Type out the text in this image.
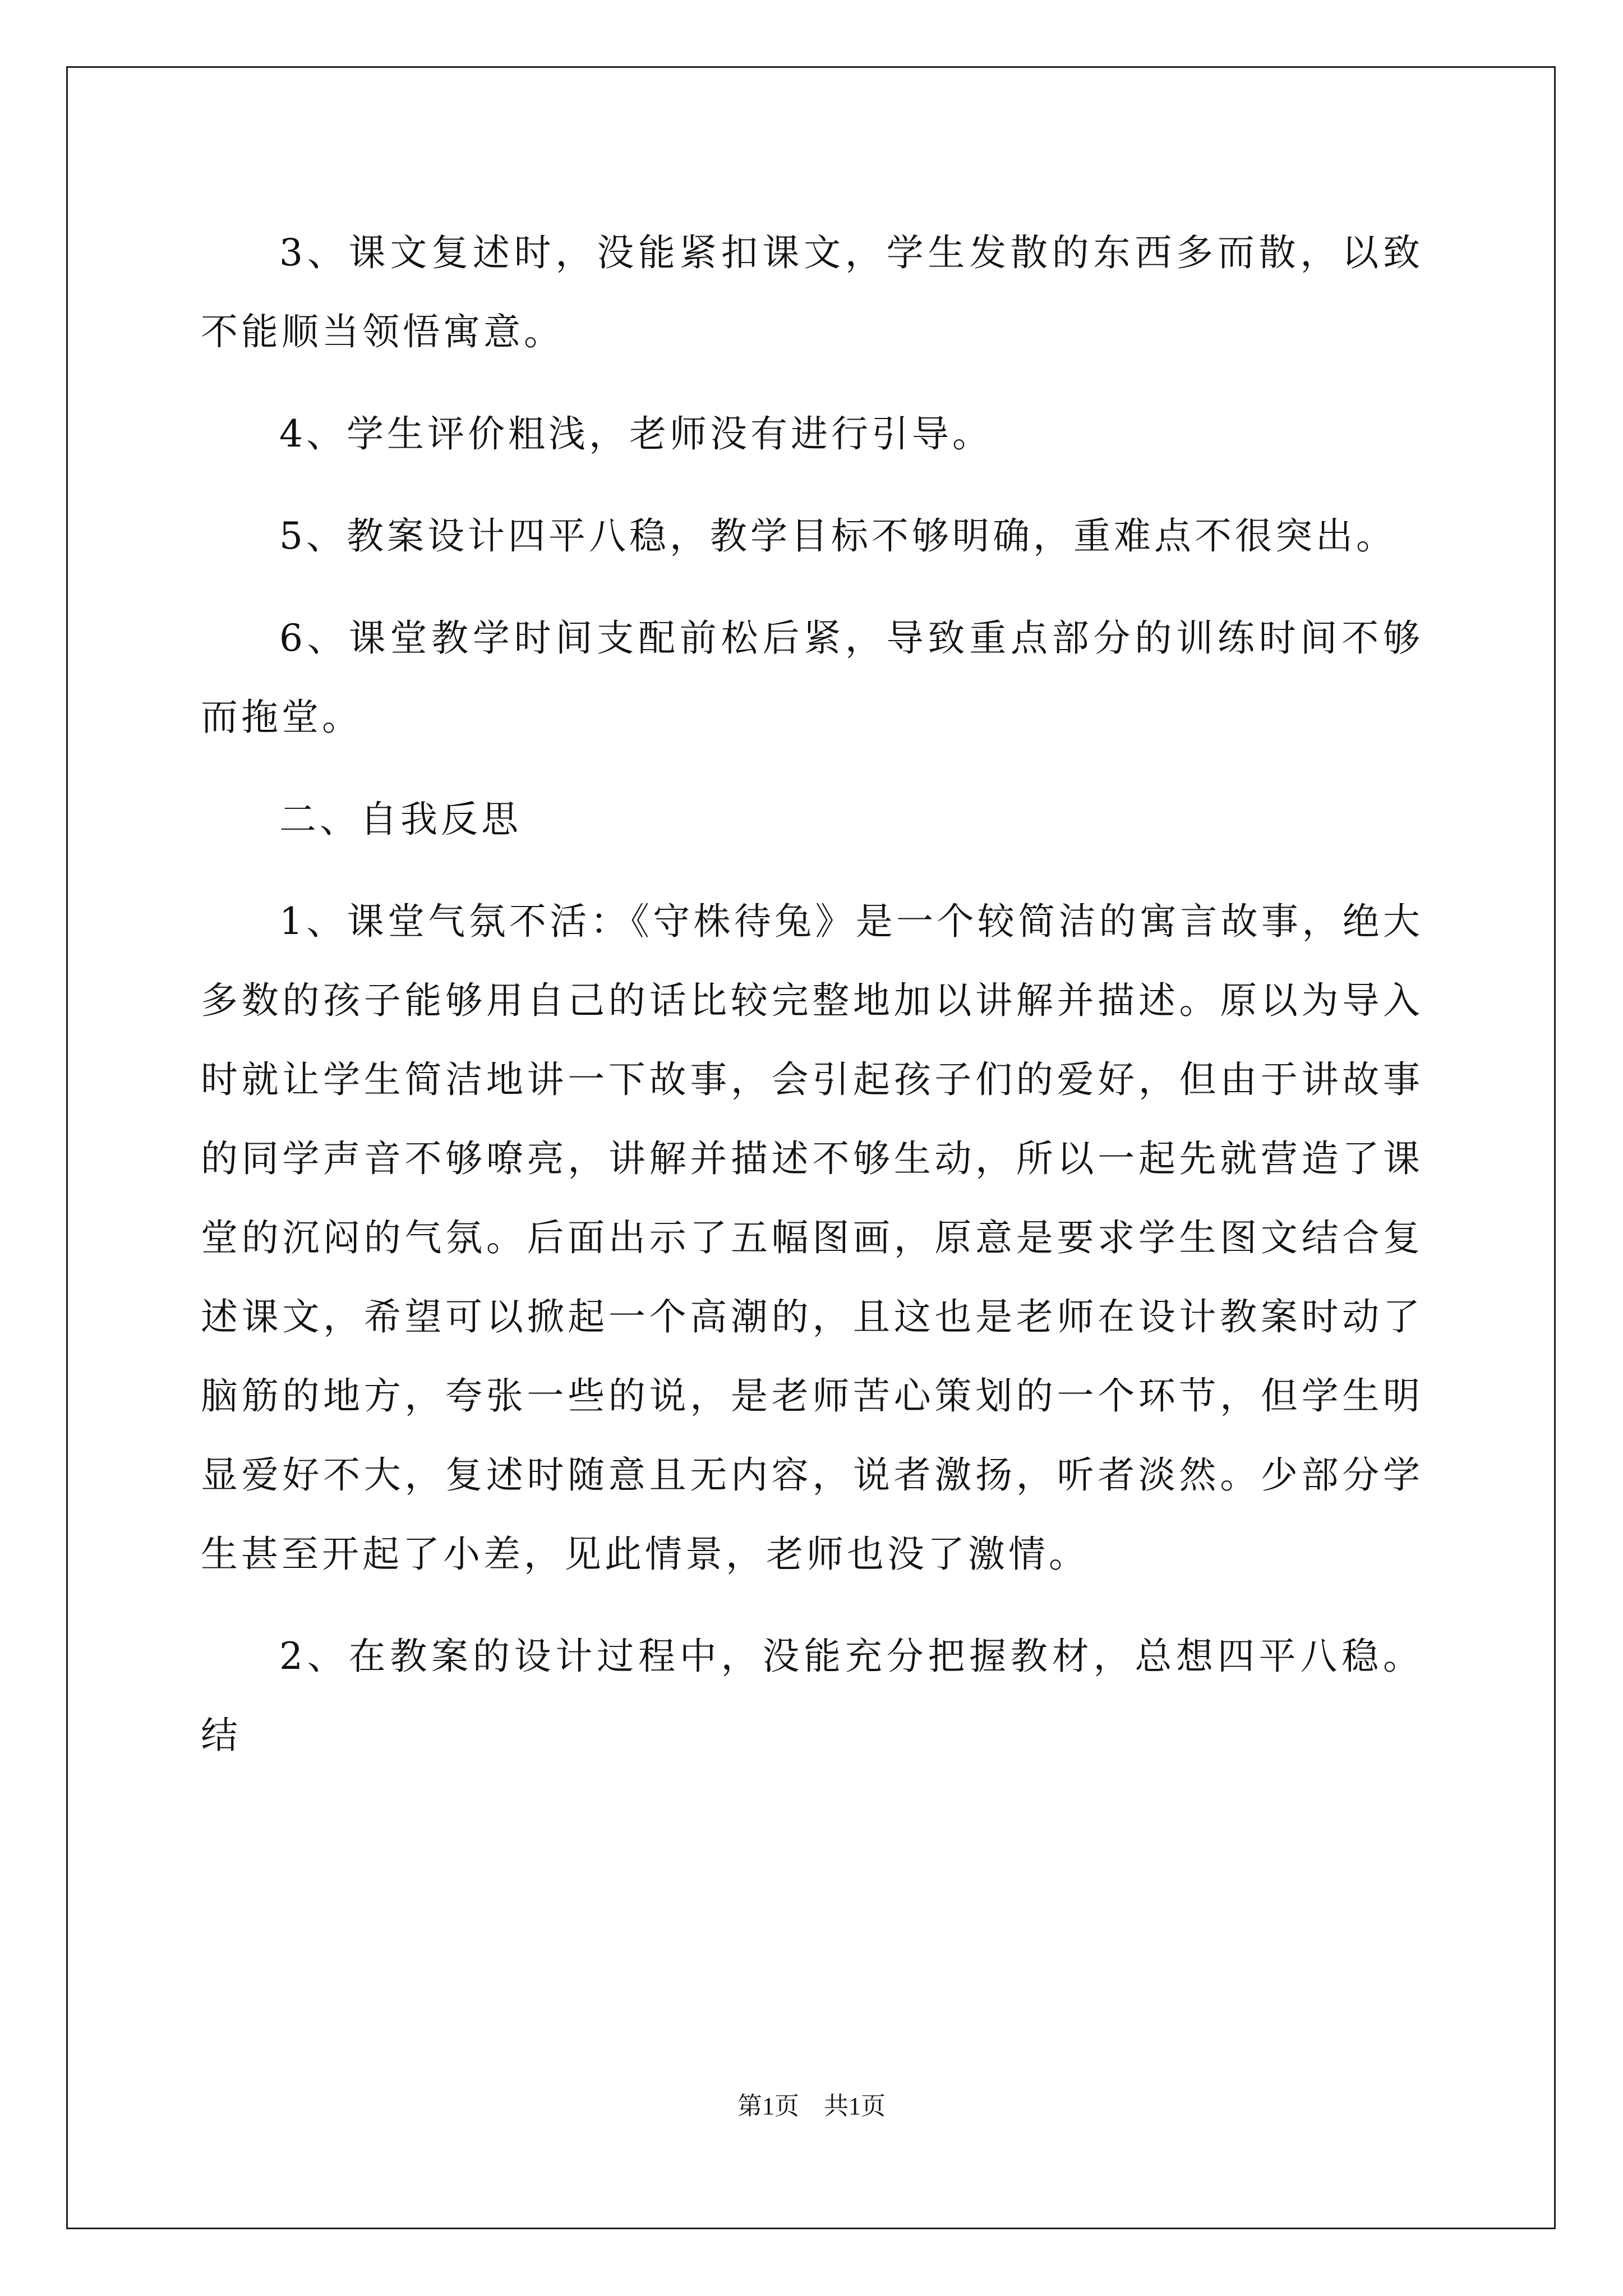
3、课文复述时，没能紧扣课文，学生发散的东西多而散，以致不能顺当领悟寓意。

4、学生评价粗浅，老师没有进行引导。

5、教案设计四平八稳，教学目标不够明确，重难点不很突出。

6、课堂教学时间支配前松后紧，导致重点部分的训练时间不够而拖堂。

二、自我反思

1、课堂气氛不活：《守株待兔》是一个较简洁的寓言故事，绝大多数的孩子能够用自己的话比较完整地加以讲解并描述。原以为导入时就让学生简洁地讲一下故事，会引起孩子们的爱好，但由于讲故事的同学声音不够嘹亮，讲解并描述不够生动，所以一起先就营造了课堂的沉闷的气氛。后面出示了五幅图画，原意是要求学生图文结合复述课文，希望可以掀起一个高潮的，且这也是老师在设计教案时动了脑筋的地方，夸张一些的说，是老师苦心策划的一个环节，但学生明显爱好不大，复述时随意且无内容，说者激扬，听者淡然。少部分学生甚至开起了小差，见此情景，老师也没了激情。

2、在教案的设计过程中，没能充分把握教材，总想四平八稳。结

第1页　共1页
